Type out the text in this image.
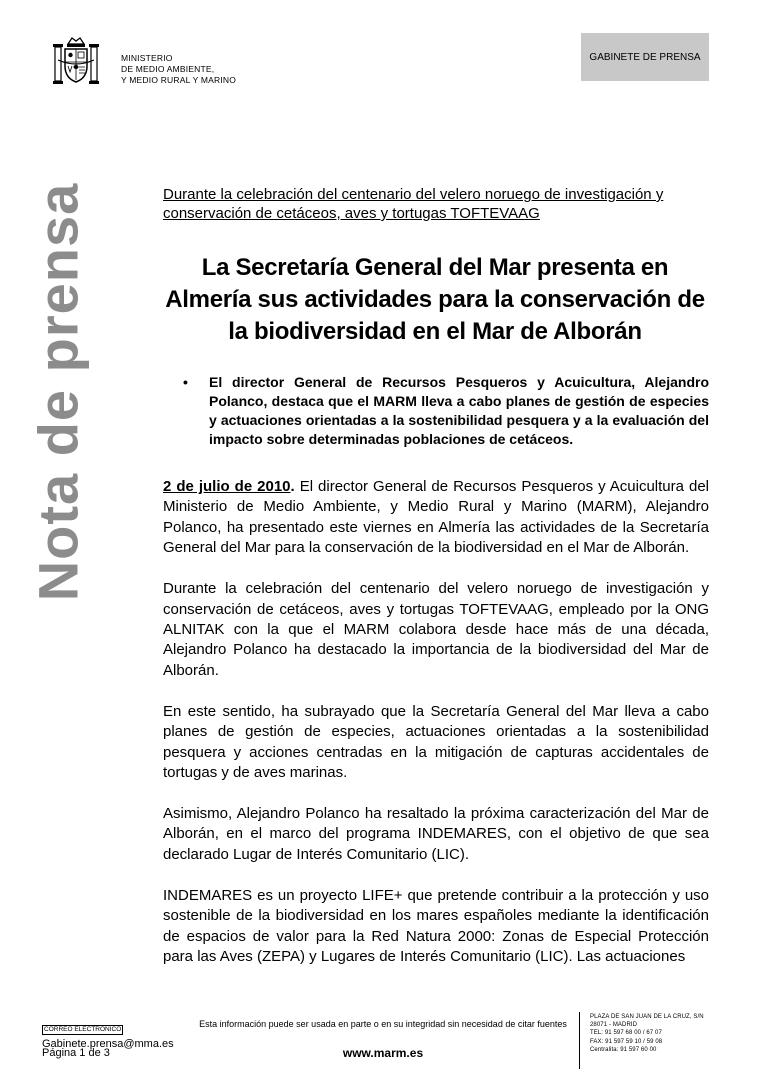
MINISTERIO
DE MEDIO AMBIENTE,
Y MEDIO RURAL Y MARINO
GABINETE DE PRENSA
Nota de prensa	Durante la celebración del centenario del velero noruego de investigación y conservación de cetáceos, aves y tortugas TOFTEVAAG
La Secretaría General del Mar presenta en Almería sus actividades para la conservación de la biodiversidad en el Mar de Alborán
• El director General de Recursos Pesqueros y Acuicultura, Alejandro Polanco, destaca que el MARM lleva a cabo planes de gestión de especies y actuaciones orientadas a la sostenibilidad pesquera y a la evaluación del impacto sobre determinadas poblaciones de cetáceos.

2 de julio de 2010. El director General de Recursos Pesqueros y Acuicultura del Ministerio de Medio Ambiente, y Medio Rural y Marino (MARM), Alejandro Polanco, ha presentado este viernes en Almería las actividades de la Secretaría General del Mar para la conservación de la biodiversidad en el Mar de Alborán.

Durante la celebración del centenario del velero noruego de investigación y conservación de cetáceos, aves y tortugas TOFTEVAAG, empleado por la ONG ALNITAK con la que el MARM colabora desde hace más de una década, Alejandro Polanco ha destacado la importancia de la biodiversidad del Mar de Alborán.

En este sentido, ha subrayado que la Secretaría General del Mar lleva a cabo planes de gestión de especies, actuaciones orientadas a la sostenibilidad pesquera y acciones centradas en la mitigación de capturas accidentales de tortugas y de aves marinas.

Asimismo, Alejandro Polanco ha resaltado la próxima caracterización del Mar de Alborán, en el marco del programa INDEMARES, con el objetivo de que sea declarado Lugar de Interés Comunitario (LIC).

INDEMARES es un proyecto LIFE+ que pretende contribuir a la protección y uso sostenible de la biodiversidad en los mares españoles mediante la identificación de espacios de valor para la Red Natura 2000: Zonas de Especial Protección para las Aves (ZEPA) y Lugares de Interés Comunitario (LIC). Las actuaciones

CORREO ELECTRÓNICO
Gabinete.prensa@mma.es
Página 1 de 3
Esta información puede ser usada en parte o en su integridad sin necesidad de citar fuentes
www.marm.es
PLAZA DE SAN JUAN DE LA CRUZ, S/N
28071 - MADRID
TEL: 91 597 68 00 / 67 07
FAX: 91 597 59 10 / 59 08
Centralita: 91 597 60 00
